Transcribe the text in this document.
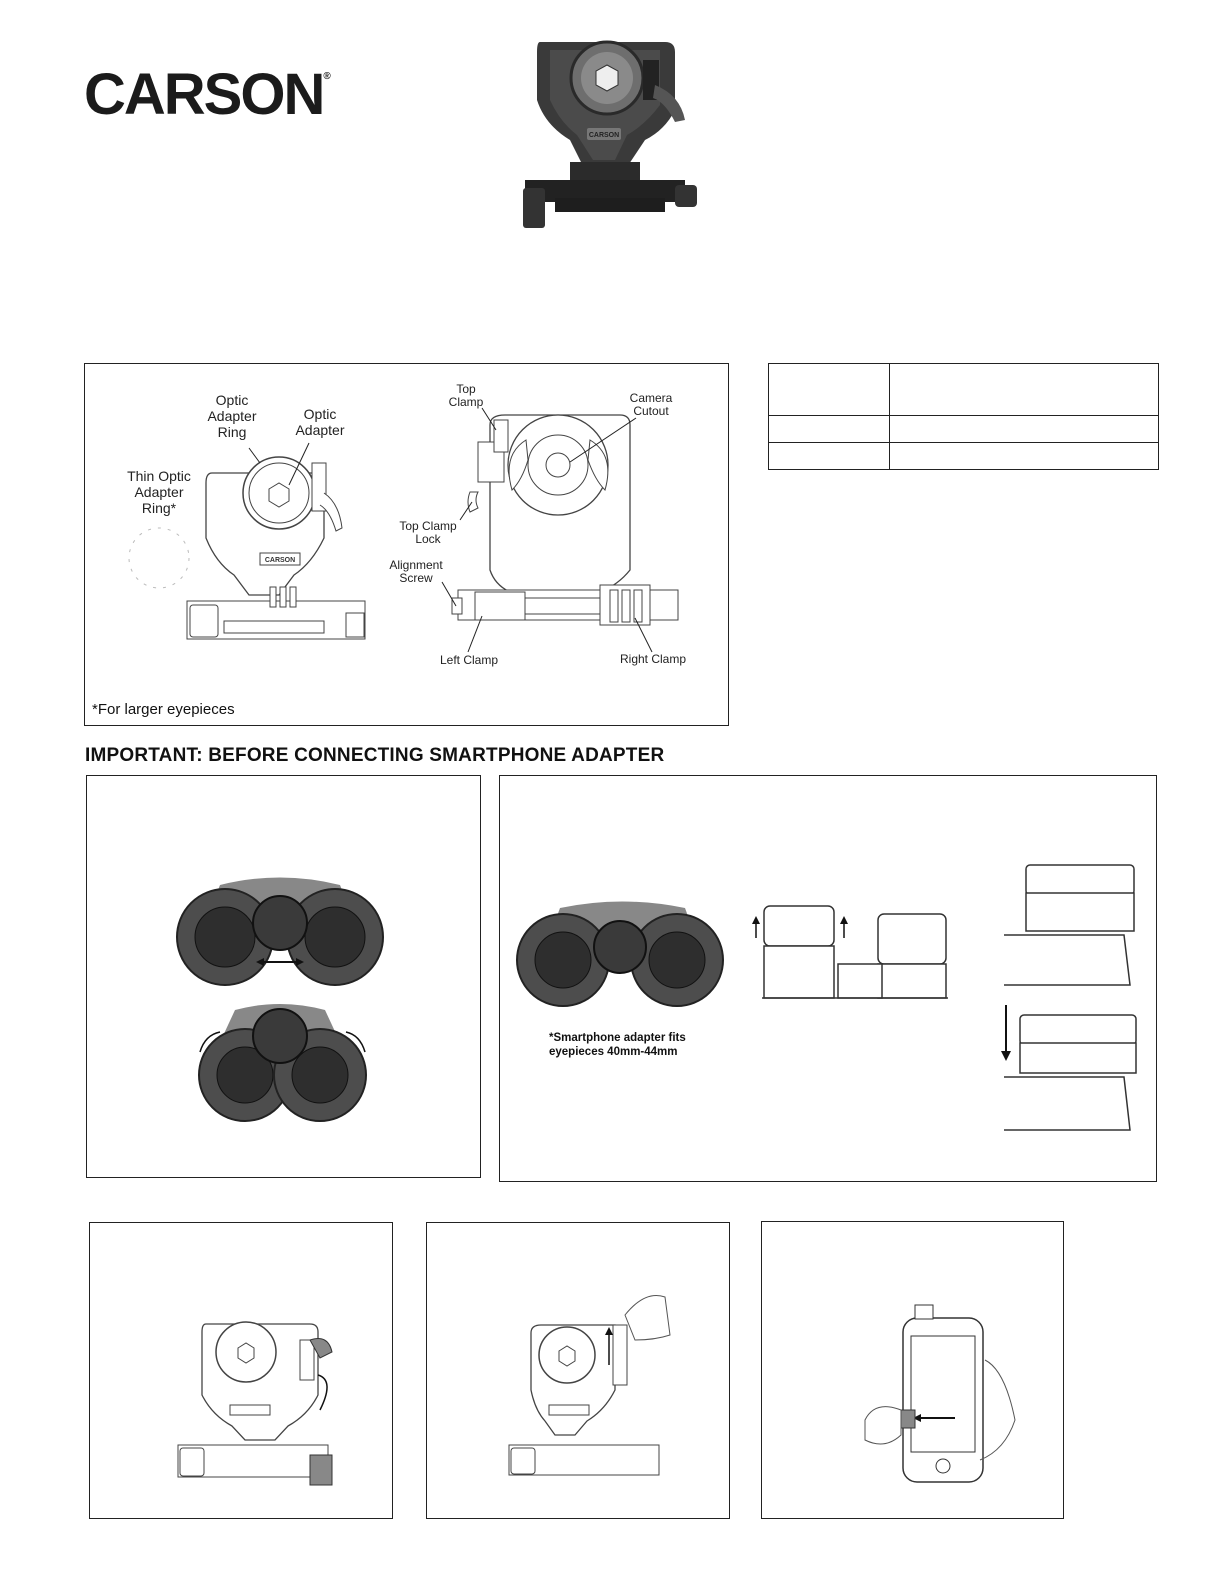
CARSON®
CARSON
CARSON
Optic
Adapter
Ring
Optic
Adapter
Thin Optic
Adapter
Ring*
Top
Clamp	Camera
Cutout
Top Clamp
Lock
Alignment
Screw
Left Clamp	Right Clamp
*For larger eyepieces

IMPORTANT: BEFORE CONNECTING SMARTPHONE ADAPTER
*Smartphone adapter fits
eyepieces 40mm-44mm
